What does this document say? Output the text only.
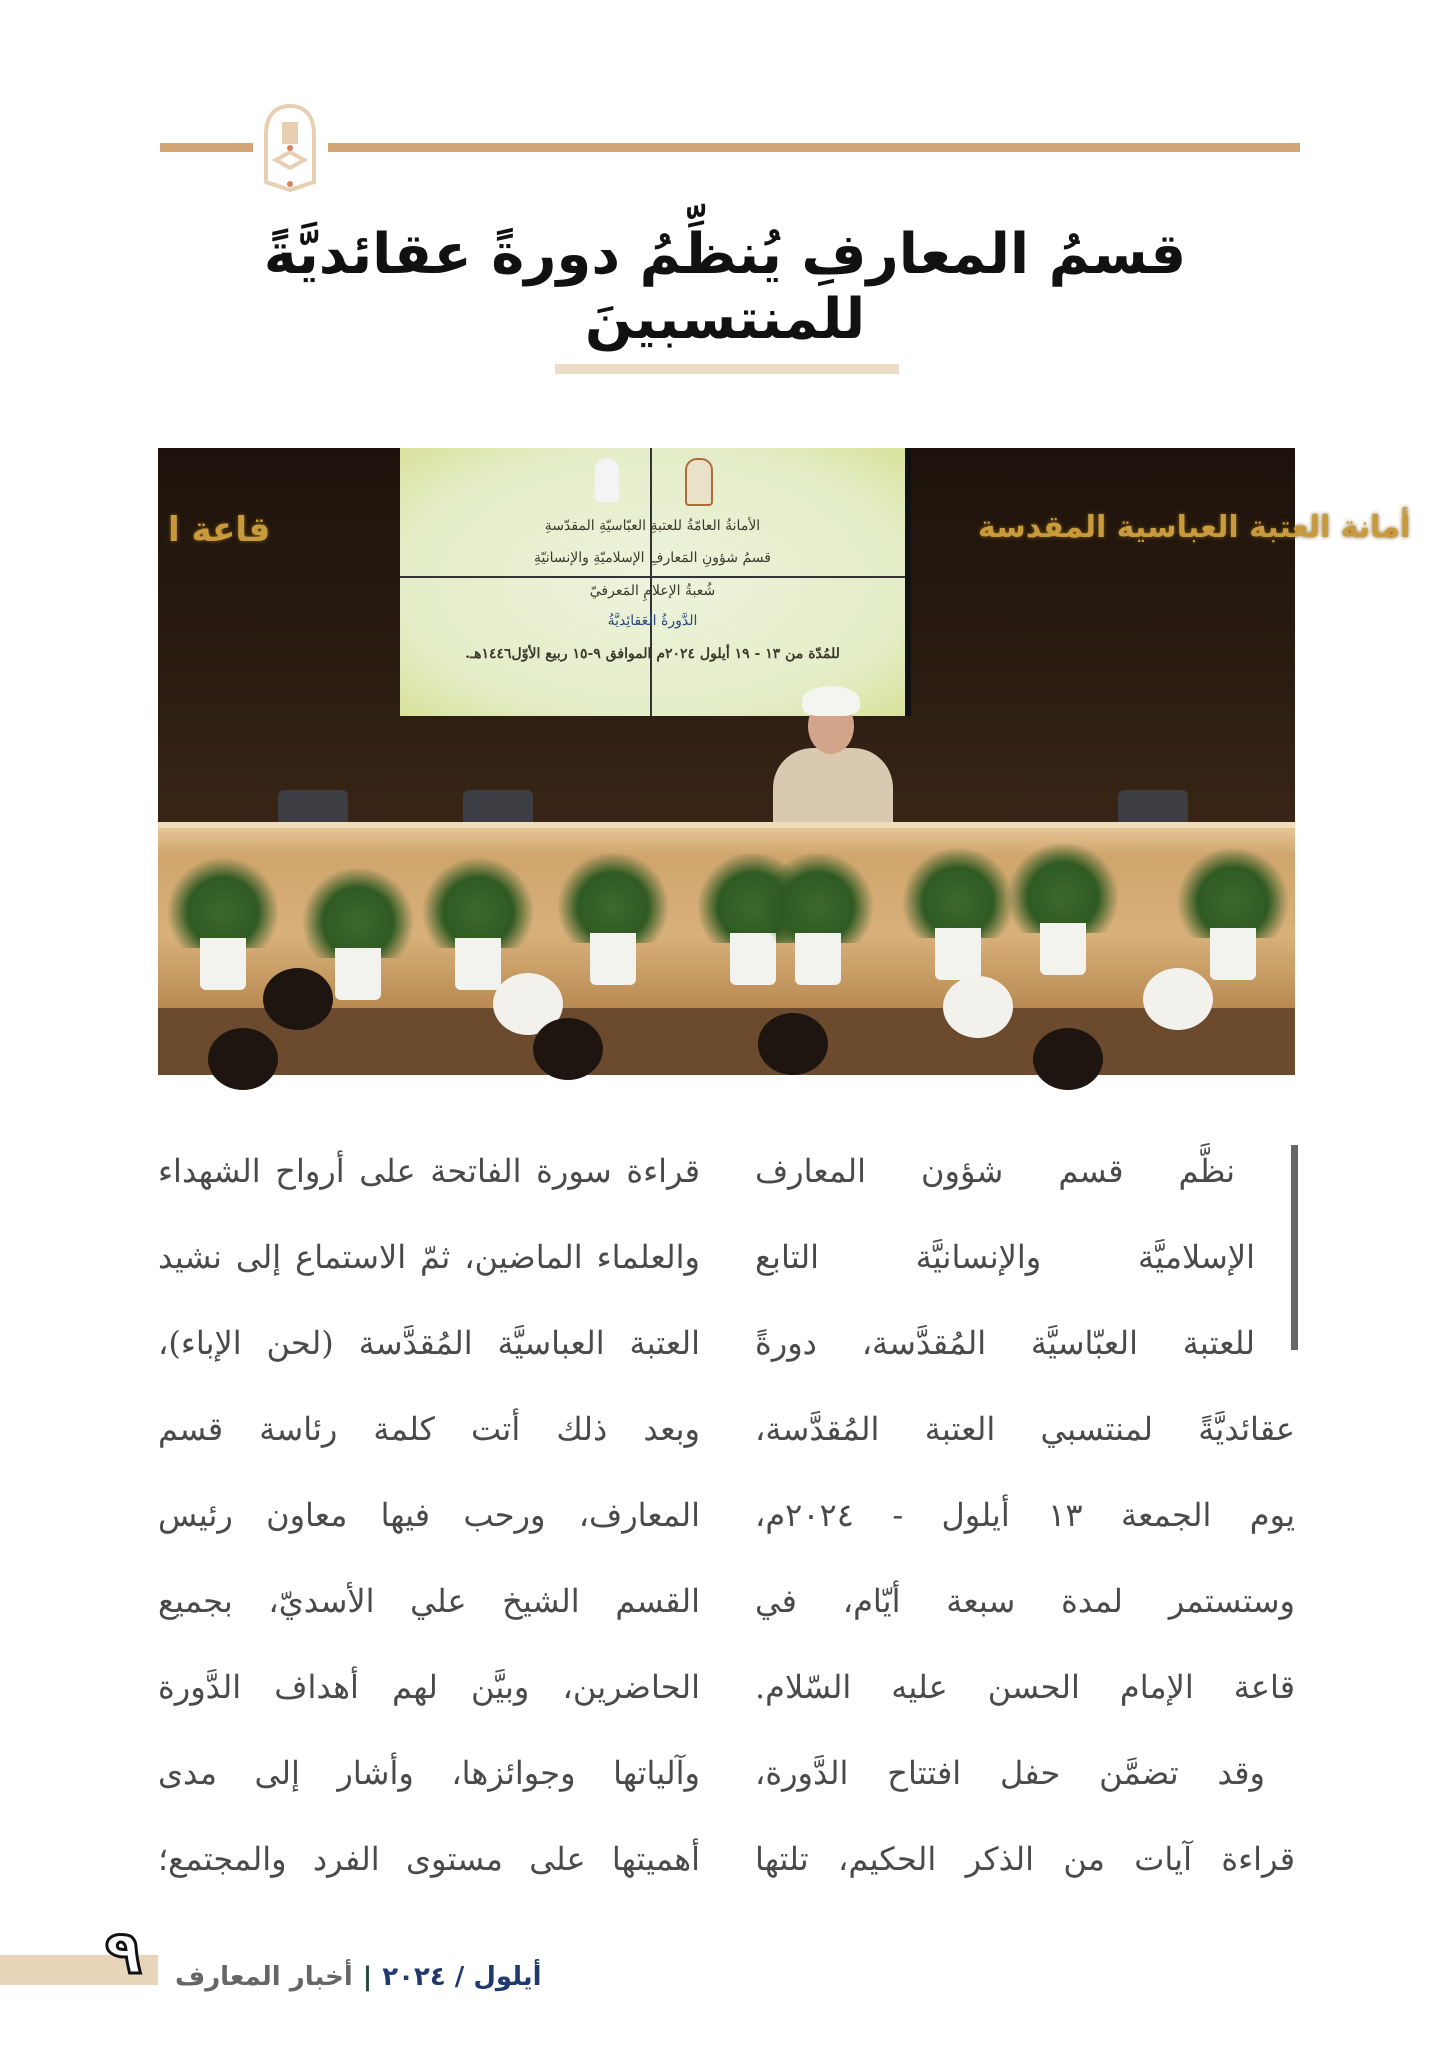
قسمُ المعارفِ يُنظِّمُ دورةً عقائديَّةً للمنتسبينَ
قاعة ا	أمانة العتبة العباسية المقدسة
الأمانةُ العامّةُ للعتبةِ العبّاسيّةِ المقدّسةِ
قسمُ شؤونِ المَعارفِ الإسلاميّةِ والإنسانيّةِ
شُعبةُ الإعلامِ المَعرفيّ
الدَّورةُ العَقائِديَّةُ
للمُدّة من ١٣ - ١٩ أيلول ٢٠٢٤م الموافق ٩-١٥ ربيع الأوّل١٤٤٦هـ.
نظَّم قسم شؤون المعارف
الإسلاميَّة والإنسانيَّة التابع
للعتبة العبّاسيَّة المُقدَّسة، دورةً
عقائديَّةً لمنتسبي العتبة المُقدَّسة،
يوم الجمعة ١٣ أيلول - ٢٠٢٤م،
وستستمر لمدة سبعة أيّام، في
قاعة الإمام الحسن عليه السّلام.
وقد تضمَّن حفل افتتاح الدَّورة،
قراءة آيات من الذكر الحكيم، تلتها
قراءة سورة الفاتحة على أرواح الشهداء
والعلماء الماضين، ثمّ الاستماع إلى نشيد
العتبة العباسيَّة المُقدَّسة (لحن الإباء)،
وبعد ذلك أتت كلمة رئاسة قسم
المعارف، ورحب فيها معاون رئيس
القسم الشيخ علي الأسديّ، بجميع
الحاضرين، وبيَّن لهم أهداف الدَّورة
وآلياتها وجوائزها، وأشار إلى مدى
أهميتها على مستوى الفرد والمجتمع؛
٩	أيلول / ٢٠٢٤|أخبار المعارف
